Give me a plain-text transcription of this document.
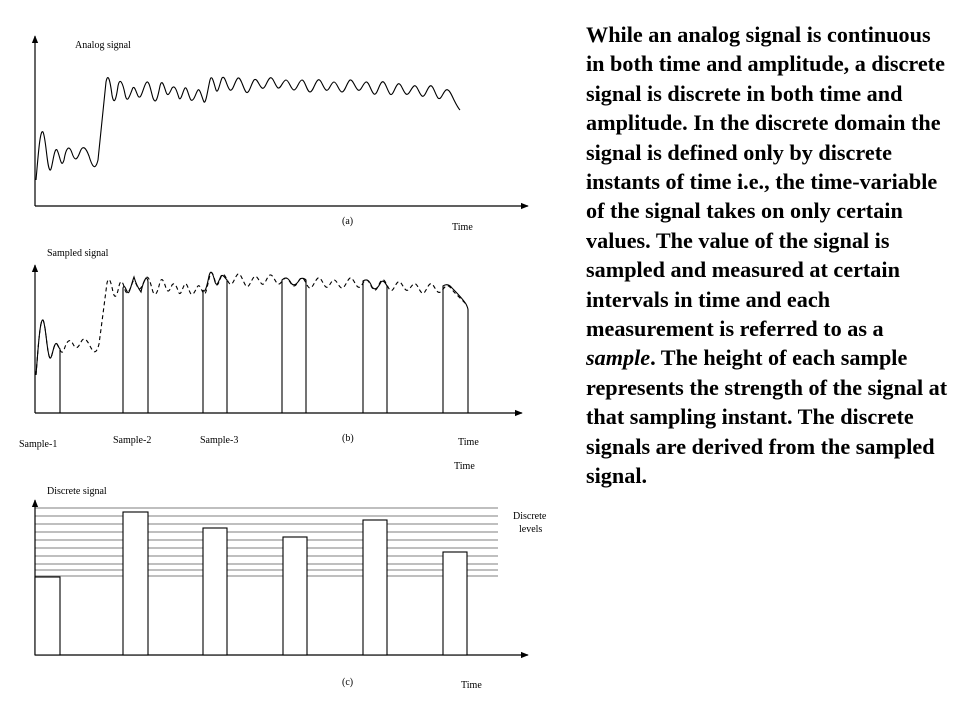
Analog signal
(a)
Time
Sample-1	Sample-2	Sample-3
Sampled signal
(b)	Time
Discrete signal
Time
Discrete
levels
(c)	Time
While an analog signal is continuous in both time and amplitude, a discrete signal is discrete in both time and amplitude. In the discrete domain the signal is defined only by discrete instants of time i.e., the time-variable of the signal takes on only certain values. The value of the signal is sampled and measured at certain intervals in time and each measurement is referred to as a sample. The height of each sample represents the strength of the signal at that sampling instant. The discrete signals are derived from the sampled signal.
